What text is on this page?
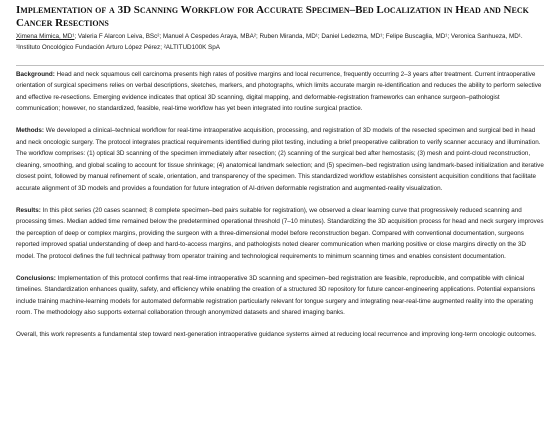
Implementation of a 3D Scanning Workflow for Accurate Specimen–Bed Localization in Head and Neck Cancer Resections
Ximena Mimica, MD¹; Valeria F Alarcon Leiva, BSc²; Manuel A Cespedes Araya, MBA²; Ruben Miranda, MD¹; Daniel Ledezma, MD¹; Felipe Buscaglia, MD¹; Veronica Sanhueza, MD¹. ¹Instituto Oncológico Fundación Arturo López Pérez; ²ALTITUD100K SpA

Background: Head and neck squamous cell carcinoma presents high rates of positive margins and local recurrence, frequently occurring 2–3 years after treatment. Current intraoperative orientation of surgical specimens relies on verbal descriptions, sketches, markers, and photographs, which limits accurate margin re-identification and reduces the ability to perform selective and effective re-resections. Emerging evidence indicates that optical 3D scanning, digital mapping, and deformable-registration frameworks can enhance surgeon–pathologist communication; however, no standardized, feasible, real-time workflow has yet been integrated into routine surgical practice.

Methods: We developed a clinical–technical workflow for real-time intraoperative acquisition, processing, and registration of 3D models of the resected specimen and surgical bed in head and neck oncologic surgery. The protocol integrates practical requirements identified during pilot testing, including a brief preoperative calibration to verify scanner accuracy and illumination. The workflow comprises: (1) optical 3D scanning of the specimen immediately after resection; (2) scanning of the surgical bed after hemostasis; (3) mesh and point-cloud reconstruction, cleaning, smoothing, and global scaling to account for tissue shrinkage; (4) anatomical landmark selection; and (5) specimen–bed registration using landmark-based initialization and iterative closest point, followed by manual refinement of scale, orientation, and transparency of the specimen. This standardized workflow establishes consistent acquisition conditions that facilitate accurate alignment of 3D models and provides a foundation for future integration of AI-driven deformable registration and augmented-reality visualization.

Results: In this pilot series (20 cases scanned; 8 complete specimen–bed pairs suitable for registration), we observed a clear learning curve that progressively reduced scanning and processing times. Median added time remained below the predetermined operational threshold (7–10 minutes). Standardizing the 3D acquisition process for head and neck surgery improves the perception of deep or complex margins, providing the surgeon with a three-dimensional model before reconstruction began. Compared with conventional documentation, surgeons reported improved spatial understanding of deep and hard-to-access margins, and pathologists noted clearer communication when marking positive or close margins directly on the 3D model. The protocol defines the full technical pathway from operator training and technological requirements to minimum scanning times and enables consistent documentation.

Conclusions: Implementation of this protocol confirms that real-time intraoperative 3D scanning and specimen–bed registration are feasible, reproducible, and compatible with clinical timelines. Standardization enhances quality, safety, and efficiency while enabling the creation of a structured 3D repository for future cancer-engineering applications. Potential expansions include training machine-learning models for automated deformable registration particularly relevant for tongue surgery and integrating near-real-time augmented reality into the operating room. The methodology also supports external collaboration through anonymized datasets and shared imaging banks.

Overall, this work represents a fundamental step toward next-generation intraoperative guidance systems aimed at reducing local recurrence and improving long-term oncologic outcomes.
